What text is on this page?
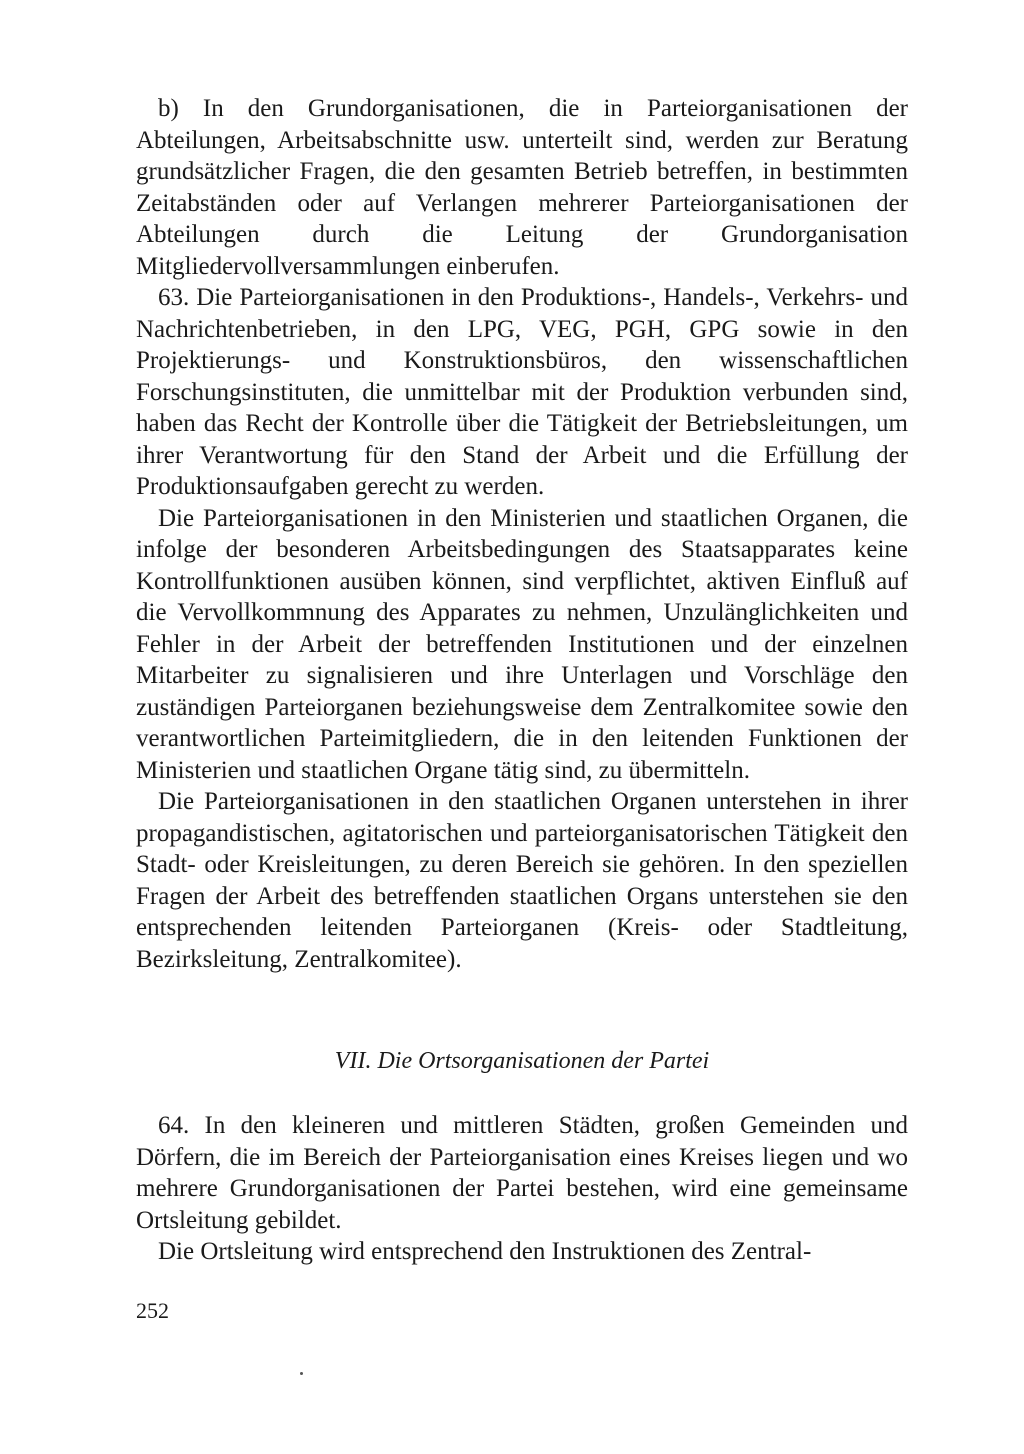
b) In den Grundorganisationen, die in Parteiorganisationen der Abteilungen, Arbeitsabschnitte usw. unterteilt sind, werden zur Beratung grundsätzlicher Fragen, die den gesamten Betrieb betreffen, in bestimmten Zeitabständen oder auf Verlangen mehrerer Parteiorganisationen der Abteilungen durch die Leitung der Grundorganisation Mitgliedervollversammlungen einberufen.

63. Die Parteiorganisationen in den Produktions-, Handels-, Verkehrs- und Nachrichtenbetrieben, in den LPG, VEG, PGH, GPG sowie in den Projektierungs- und Konstruktionsbüros, den wissenschaftlichen Forschungsinstituten, die unmittelbar mit der Produktion verbunden sind, haben das Recht der Kontrolle über die Tätigkeit der Betriebsleitungen, um ihrer Verantwortung für den Stand der Arbeit und die Erfüllung der Produktionsaufgaben gerecht zu werden.

Die Parteiorganisationen in den Ministerien und staatlichen Organen, die infolge der besonderen Arbeitsbedingungen des Staatsapparates keine Kontrollfunktionen ausüben können, sind verpflichtet, aktiven Einfluß auf die Vervollkommnung des Apparates zu nehmen, Unzulänglichkeiten und Fehler in der Arbeit der betreffenden Institutionen und der einzelnen Mitarbeiter zu signalisieren und ihre Unterlagen und Vorschläge den zuständigen Parteiorganen beziehungsweise dem Zentralkomitee sowie den verantwortlichen Parteimitgliedern, die in den leitenden Funktionen der Ministerien und staatlichen Organe tätig sind, zu übermitteln.

Die Parteiorganisationen in den staatlichen Organen unterstehen in ihrer propagandistischen, agitatorischen und parteiorganisatorischen Tätigkeit den Stadt- oder Kreisleitungen, zu deren Bereich sie gehören. In den speziellen Fragen der Arbeit des betreffenden staatlichen Organs unterstehen sie den entsprechenden leitenden Parteiorganen (Kreis- oder Stadtleitung, Bezirksleitung, Zentralkomitee).

VII. Die Ortsorganisationen der Partei

64. In den kleineren und mittleren Städten, großen Gemeinden und Dörfern, die im Bereich der Parteiorganisation eines Kreises liegen und wo mehrere Grundorganisationen der Partei bestehen, wird eine gemeinsame Ortsleitung gebildet.

Die Ortsleitung wird entsprechend den Instruktionen des Zentral-

252
